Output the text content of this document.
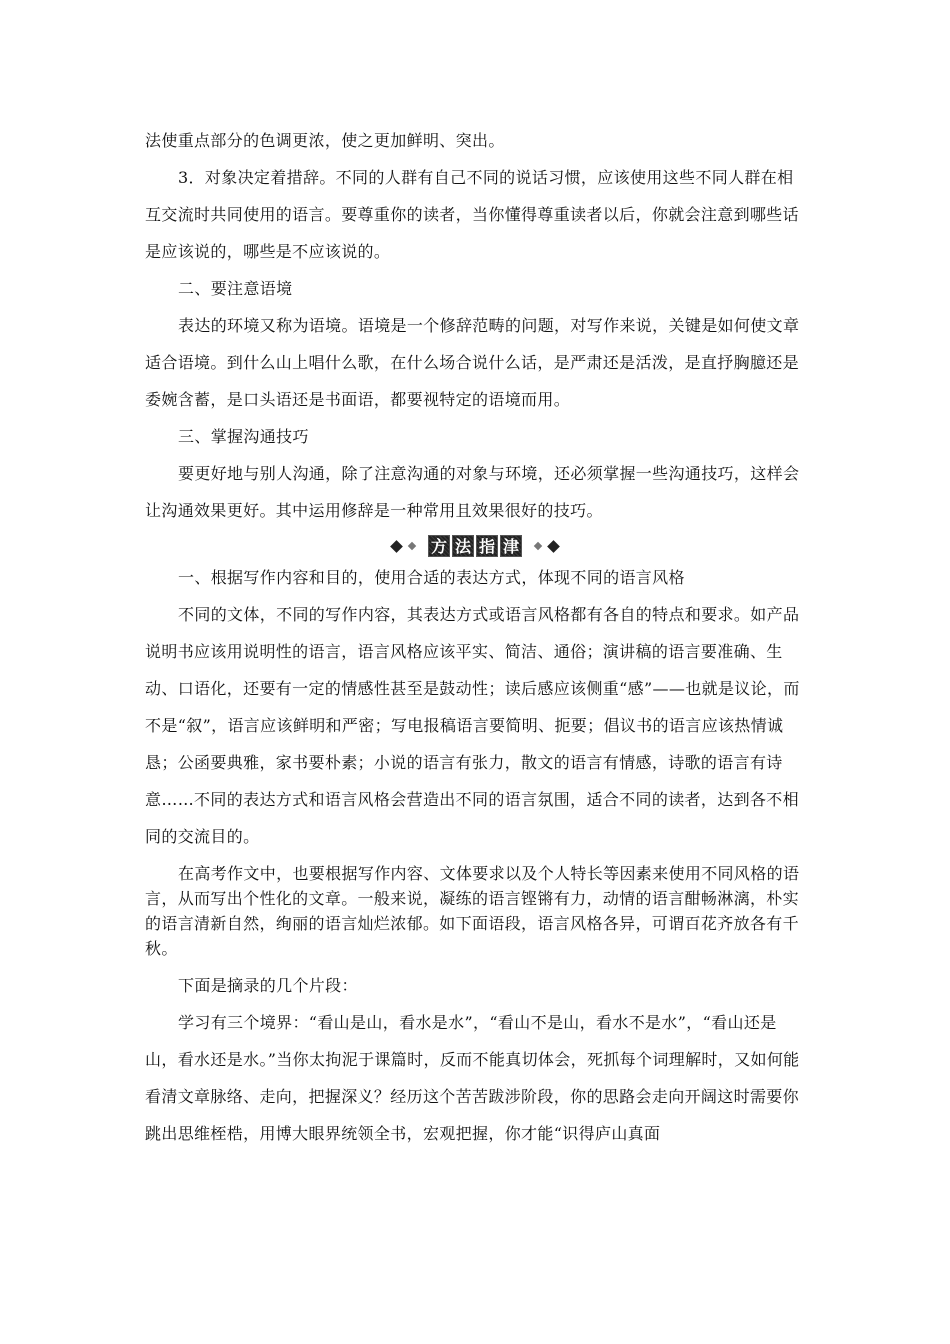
法使重点部分的色调更浓，使之更加鲜明、突出。

3．对象决定着措辞。不同的人群有自己不同的说话习惯，应该使用这些不同人群在相互交流时共同使用的语言。要尊重你的读者，当你懂得尊重读者以后，你就会注意到哪些话是应该说的，哪些是不应该说的。

二、要注意语境

表达的环境又称为语境。语境是一个修辞范畴的问题，对写作来说，关键是如何使文章适合语境。到什么山上唱什么歌，在什么场合说什么话，是严肃还是活泼，是直抒胸臆还是委婉含蓄，是口头语还是书面语，都要视特定的语境而用。

三、掌握沟通技巧

要更好地与别人沟通，除了注意沟通的对象与环境，还必须掌握一些沟通技巧，这样会让沟通效果更好。其中运用修辞是一种常用且效果很好的技巧。

方 法 指 津

一、根据写作内容和目的，使用合适的表达方式，体现不同的语言风格

不同的文体，不同的写作内容，其表达方式或语言风格都有各自的特点和要求。如产品说明书应该用说明性的语言，语言风格应该平实、简洁、通俗；演讲稿的语言要准确、生动、口语化，还要有一定的情感性甚至是鼓动性；读后感应该侧重“感”——也就是议论，而不是“叙”，语言应该鲜明和严密；写电报稿语言要简明、扼要；倡议书的语言应该热情诚恳；公函要典雅，家书要朴素；小说的语言有张力，散文的语言有情感，诗歌的语言有诗意……不同的表达方式和语言风格会营造出不同的语言氛围，适合不同的读者，达到各不相同的交流目的。

在高考作文中，也要根据写作内容、文体要求以及个人特长等因素来使用不同风格的语言，从而写出个性化的文章。一般来说，凝练的语言铿锵有力，动情的语言酣畅淋漓，朴实的语言清新自然，绚丽的语言灿烂浓郁。如下面语段，语言风格各异，可谓百花齐放各有千秋。

下面是摘录的几个片段：

学习有三个境界：“看山是山，看水是水”，“看山不是山，看水不是水”，“看山还是山，看水还是水。”当你太拘泥于课篇时，反而不能真切体会，死抓每个词理解时，又如何能看清文章脉络、走向，把握深义？经历这个苦苦跋涉阶段，你的思路会走向开阔这时需要你跳出思维桎梏，用博大眼界统领全书，宏观把握，你才能“识得庐山真面
